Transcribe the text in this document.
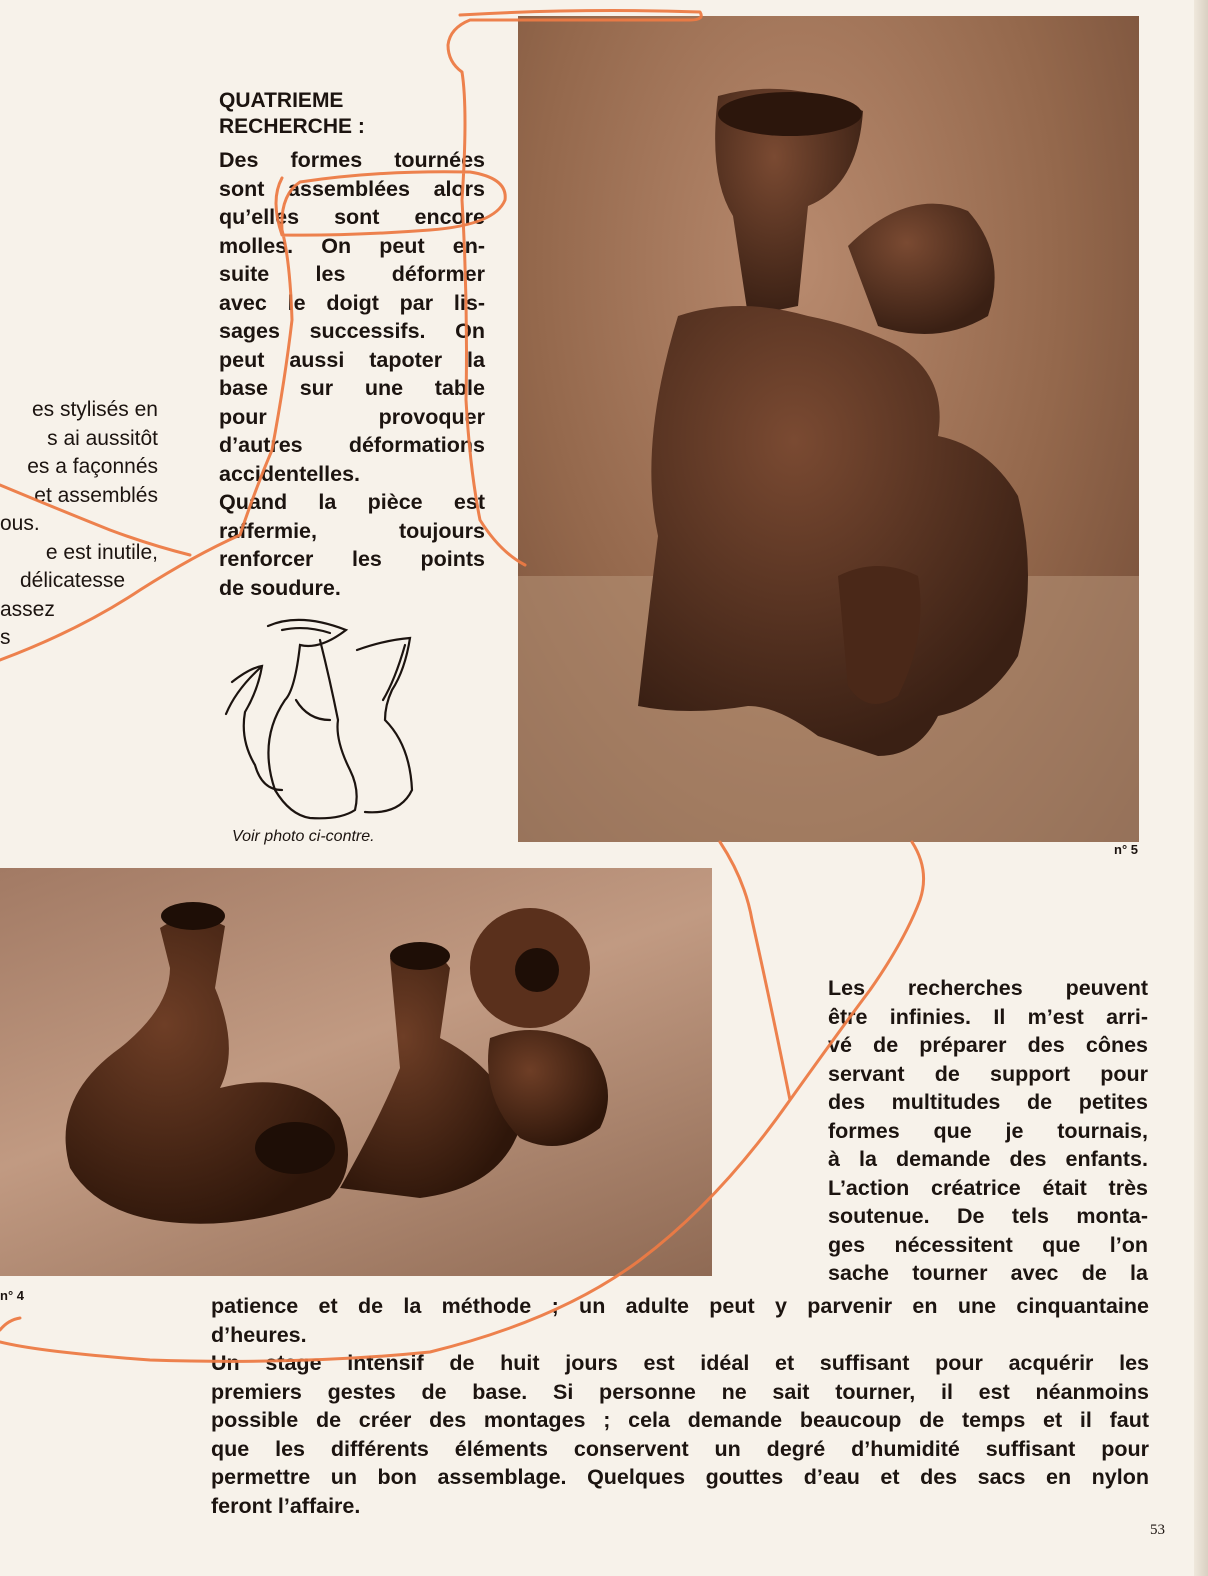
n° 5
n° 4
Voir photo ci-contre.

QUATRIEME

RECHERCHE :

Des formes tournées

sont assemblées alors

qu’elles sont encore

molles. On peut en-

suite les déformer

avec le doigt par lis-

sages successifs. On

peut aussi tapoter la

base sur une table

pour provoquer

d’autres déformations

accidentelles.

Quand la pièce est

raffermie, toujours

renforcer les points

de soudure.

es stylisés en

s ai aussitôt

es a façonnés

et assemblés

ous.

e est inutile,

délicatesse

assez

s

Les recherches peuvent

être infinies. Il m’est arri-

vé de préparer des cônes

servant de support pour

des multitudes de petites

formes que je tournais,

à la demande des enfants.

L’action créatrice était très

soutenue. De tels monta-

ges nécessitent que l’on

sache tourner avec de la

patience et de la méthode ; un adulte peut y parvenir en une cinquantaine

d’heures.

Un stage intensif de huit jours est idéal et suffisant pour acquérir les

premiers gestes de base. Si personne ne sait tourner, il est néanmoins

possible de créer des montages ; cela demande beaucoup de temps et il faut

que les différents éléments conservent un degré d’humidité suffisant pour

permettre un bon assemblage. Quelques gouttes d’eau et des sacs en nylon

feront l’affaire.

53
